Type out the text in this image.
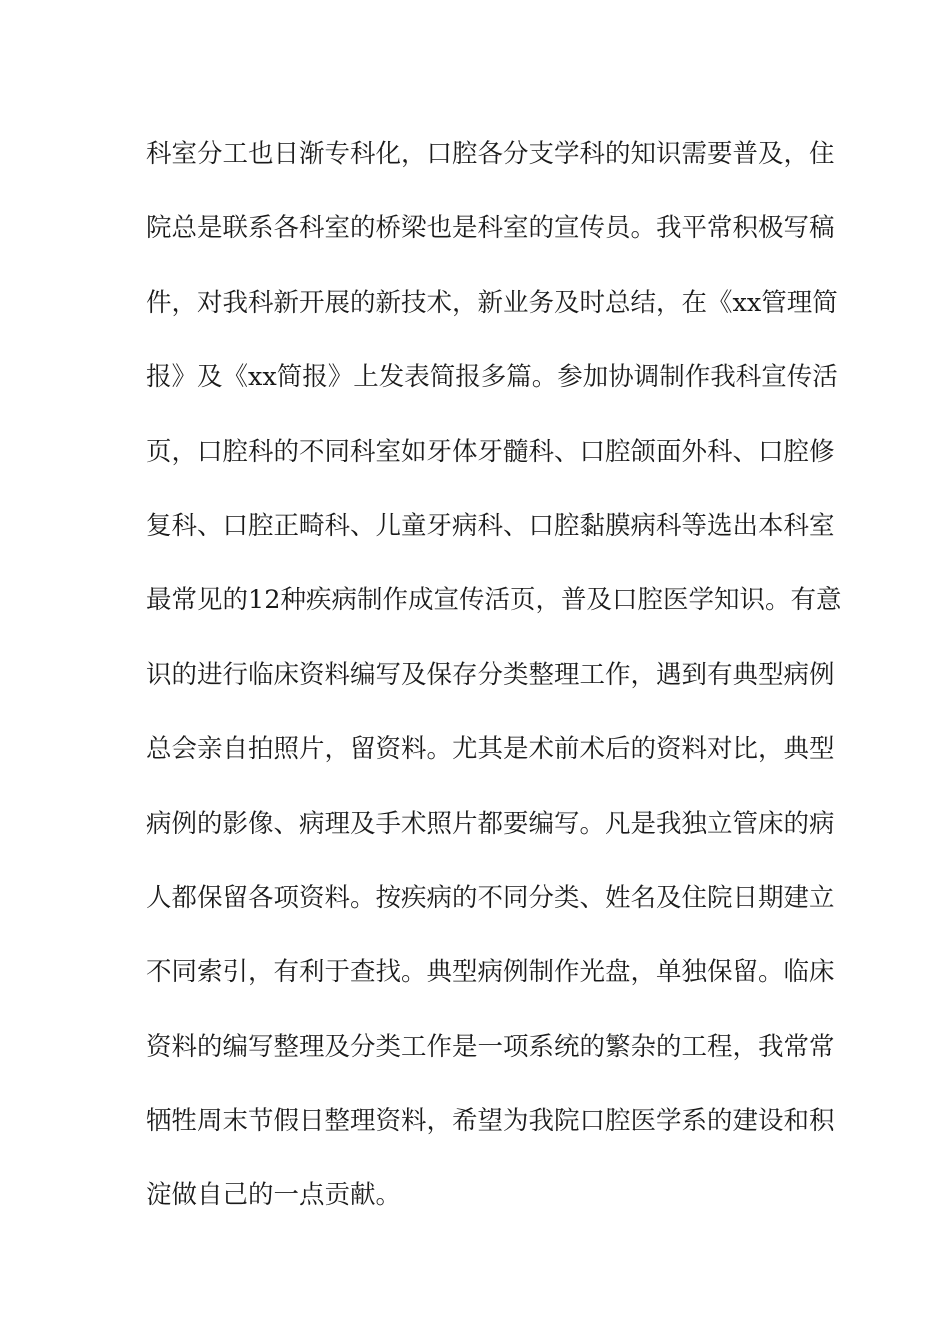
科室分工也日渐专科化，口腔各分支学科的知识需要普及，住
院总是联系各科室的桥梁也是科室的宣传员。我平常积极写稿
件，对我科新开展的新技术，新业务及时总结，在《xx管理简
报》及《xx简报》上发表简报多篇。参加协调制作我科宣传活
页，口腔科的不同科室如牙体牙髓科、口腔颌面外科、口腔修
复科、口腔正畸科、儿童牙病科、口腔黏膜病科等选出本科室
最常见的12种疾病制作成宣传活页，普及口腔医学知识。有意
识的进行临床资料编写及保存分类整理工作，遇到有典型病例
总会亲自拍照片，留资料。尤其是术前术后的资料对比，典型
病例的影像、病理及手术照片都要编写。凡是我独立管床的病
人都保留各项资料。按疾病的不同分类、姓名及住院日期建立
不同索引，有利于查找。典型病例制作光盘，单独保留。临床
资料的编写整理及分类工作是一项系统的繁杂的工程，我常常
牺牲周末节假日整理资料，希望为我院口腔医学系的建设和积
淀做自己的一点贡献。
